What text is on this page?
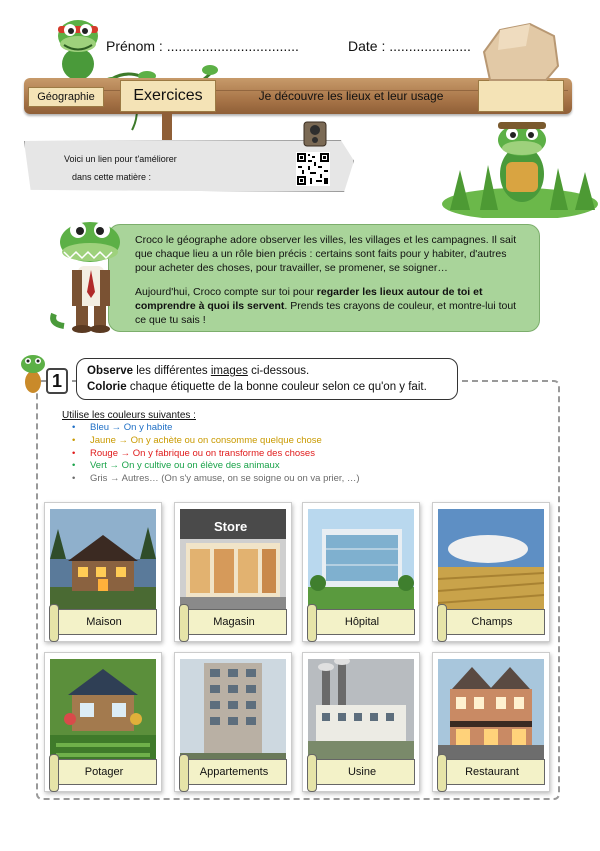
Prénom : ..................................	Date : .....................
Géographie	Exercices	Je découvre les lieux et leur usage
Voici un lien pour t'améliorer
dans cette matière :

Croco le géographe adore observer les villes, les villages et les campagnes. Il sait que chaque lieu a un rôle bien précis : certains sont faits pour y habiter, d'autres pour acheter des choses, pour travailler, se promener, se soigner…

Aujourd'hui, Croco compte sur toi pour regarder les lieux autour de toi et comprendre à quoi ils servent. Prends tes crayons de couleur, et montre-lui tout ce que tu sais !

1	Observe les différentes images ci-dessous.
Colorie chaque étiquette de la bonne couleur selon ce qu'on y fait.
Utilise les couleurs suivantes :
• Bleu → On y habite
• Jaune → On y achète ou on consomme quelque chose
• Rouge → On y fabrique ou on transforme des choses
• Vert → On y cultive ou on élève des animaux
• Gris → Autres… (On s'y amuse, on se soigne ou on va prier, …)
Maison
Store
Magasin	Hôpital	Champs
Potager	Appartements	Usine	Restaurant
